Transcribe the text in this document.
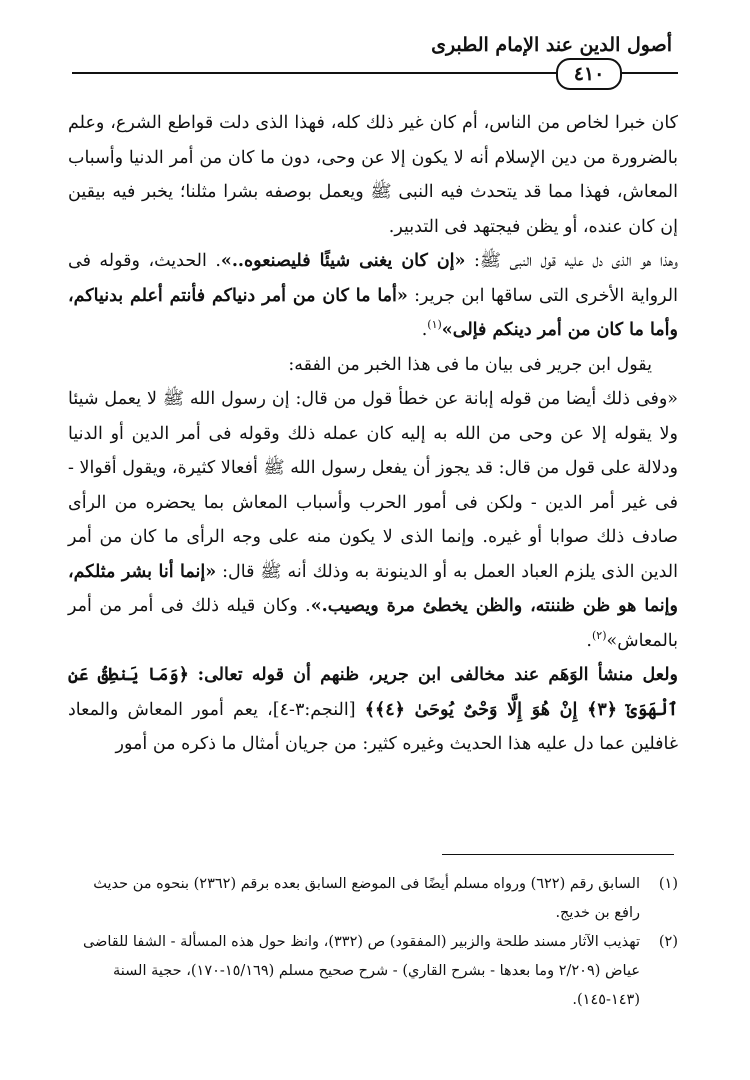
أصول الدين عند الإمام الطبرى
٤١٠

كان خبرا لخاص من الناس، أم كان غير ذلك كله، فهذا الذى دلت قواطع الشرع، وعلم بالضرورة من دين الإسلام أنه لا يكون إلا عن وحى، دون ما كان من أمر الدنيا وأسباب المعاش، فهذا مما قد يتحدث فيه النبى ﷺ ويعمل بوصفه بشرا مثلنا؛ يخبر فيه بيقين إن كان عنده، أو يظن فيجتهد فى التدبير.

وهذا هو الذى دل عليه قول النبى ﷺ: «إن كان يغنى شيئًا فليصنعوه..». الحديث، وقوله فى الرواية الأخرى التى ساقها ابن جرير: «أما ما كان من أمر دنياكم فأنتم أعلم بدنياكم، وأما ما كان من أمر دينكم فإلى»$^{(١)}$.

يقول ابن جرير فى بيان ما فى هذا الخبر من الفقه:

«وفى ذلك أيضا من قوله إبانة عن خطأ قول من قال: إن رسول الله ﷺ لا يعمل شيئا ولا يقوله إلا عن وحى من الله به إليه كان عمله ذلك وقوله فى أمر الدين أو الدنيا ودلالة على قول من قال: قد يجوز أن يفعل رسول الله ﷺ أفعالا كثيرة، ويقول أقوالا - فى غير أمر الدين - ولكن فى أمور الحرب وأسباب المعاش بما يحضره من الرأى صادف ذلك صوابا أو غيره. وإنما الذى لا يكون منه على وجه الرأى ما كان من أمر الدين الذى يلزم العباد العمل به أو الدينونة به وذلك أنه ﷺ قال: «إنما أنا بشر مثلكم، وإنما هو ظن ظننته، والظن يخطئ مرة ويصيب.». وكان قيله ذلك فى أمر من أمر بالمعاش»$^{(٢)}$.

ولعل منشأ الوَهَم عند مخالفى ابن جرير، ظنهم أن قوله تعالى: ﴿وَمَا يَنطِقُ عَنِ ٱلْهَوَىٰٓ ﴿٣﴾ إِنْ هُوَ إِلَّا وَحْىٌ يُوحَىٰ ﴿٤﴾﴾ [النجم:٣-٤]، يعم أمور المعاش والمعاد غافلين عما دل عليه هذا الحديث وغيره كثير: من جريان أمثال ما ذكره من أمور

(١)
السابق رقم (٦٢٢) ورواه مسلم أيضًا فى الموضع السابق بعده برقم (٢٣٦٢) بنحوه من حديث رافع بن خديج.
(٢)
تهذيب الآثار مسند طلحة والزبير (المفقود) ص (٣٣٢)، وانظ حول هذه المسألة - الشفا للقاضى عياض (٢/٢٠٩ وما بعدها - بشرح القاري) - شرح صحيح مسلم (١٥/١٦٩-١٧٠)، حجية السنة (١٤٣-١٤٥).
